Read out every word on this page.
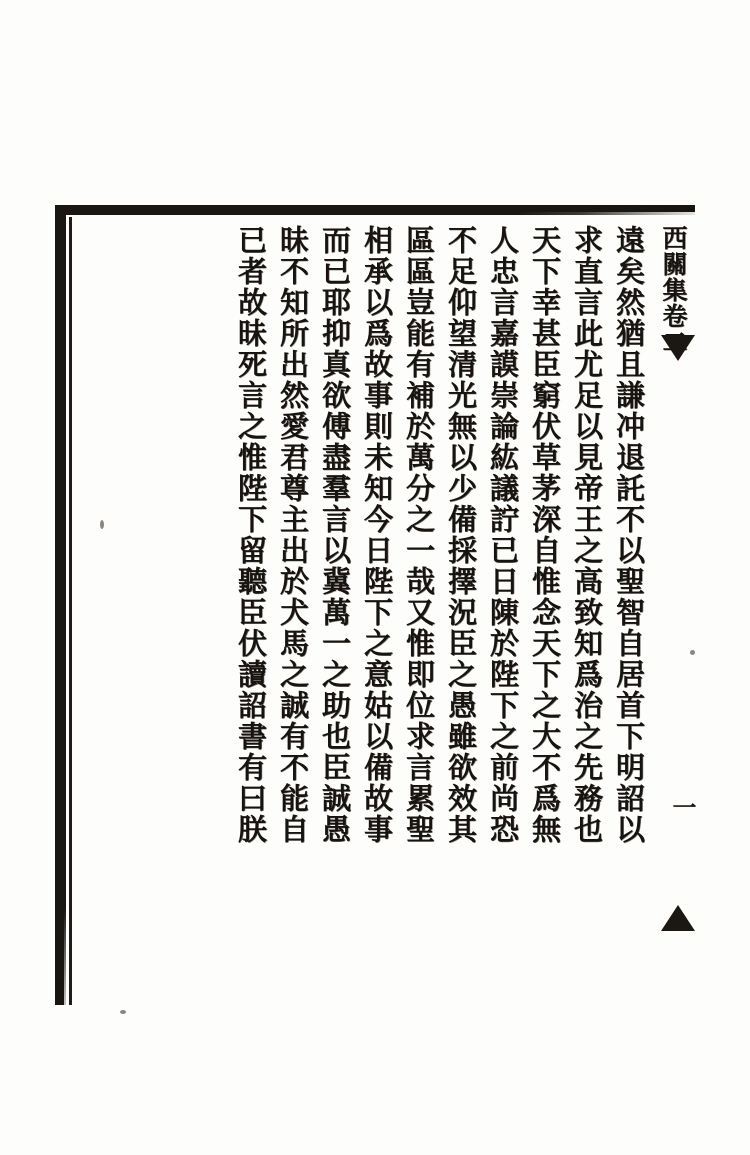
西關集卷二
遠矣然猶且謙冲退託不以聖智自居首下明詔以
求直言此尤足以見帝王之高致知爲治之先務也
天下幸甚臣窮伏草茅深自惟念天下之大不爲無
人忠言嘉謨崇論紘議詝已日陳於陛下之前尚恐
不足仰望清光無以少備採擇況臣之愚雖欲效其
區區豈能有補於萬分之一哉又惟即位求言累聖
相承以爲故事則未知今日陛下之意姑以備故事
而已耶抑真欲傅盡羣言以冀萬一之助也臣誠愚
昧不知所出然愛君尊主出於犬馬之誠有不能自
已者故昧死言之惟陛下留聽臣伏讀詔書有曰朕	一
